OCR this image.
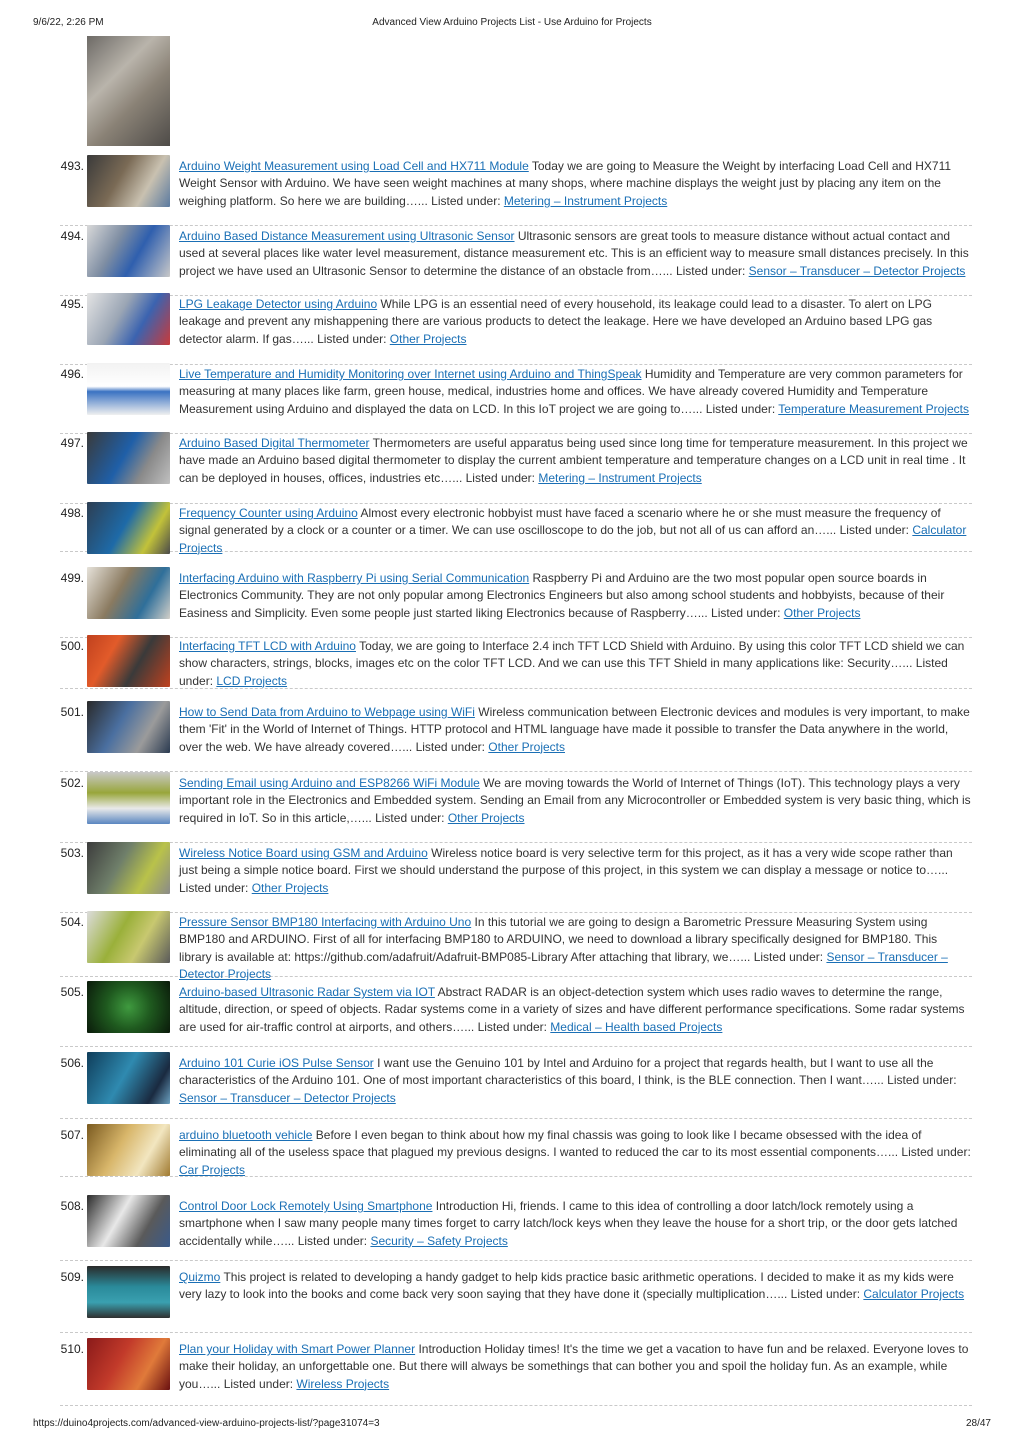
9/6/22, 2:26 PM	Advanced View Arduino Projects List - Use Arduino for Projects
493.	Arduino Weight Measurement using Load Cell and HX711 Module Today we are going to Measure the Weight by interfacing Load Cell and HX711 Weight Sensor with Arduino. We have seen weight machines at many shops, where machine displays the weight just by placing any item on the weighing platform. So here we are building…... Listed under: Metering – Instrument Projects
494.	Arduino Based Distance Measurement using Ultrasonic Sensor Ultrasonic sensors are great tools to measure distance without actual contact and used at several places like water level measurement, distance measurement etc. This is an efficient way to measure small distances precisely. In this project we have used an Ultrasonic Sensor to determine the distance of an obstacle from…... Listed under: Sensor – Transducer – Detector Projects
495.	LPG Leakage Detector using Arduino While LPG is an essential need of every household, its leakage could lead to a disaster. To alert on LPG leakage and prevent any mishappening there are various products to detect the leakage. Here we have developed an Arduino based LPG gas detector alarm. If gas…... Listed under: Other Projects
496.	Live Temperature and Humidity Monitoring over Internet using Arduino and ThingSpeak Humidity and Temperature are very common parameters for measuring at many places like farm, green house, medical, industries home and offices. We have already covered Humidity and Temperature Measurement using Arduino and displayed the data on LCD. In this IoT project we are going to…... Listed under: Temperature Measurement Projects
497.	Arduino Based Digital Thermometer Thermometers are useful apparatus being used since long time for temperature measurement. In this project we have made an Arduino based digital thermometer to display the current ambient temperature and temperature changes on a LCD unit in real time . It can be deployed in houses, offices, industries etc…... Listed under: Metering – Instrument Projects
498.	Frequency Counter using Arduino Almost every electronic hobbyist must have faced a scenario where he or she must measure the frequency of signal generated by a clock or a counter or a timer. We can use oscilloscope to do the job, but not all of us can afford an…... Listed under: Calculator Projects
499.	Interfacing Arduino with Raspberry Pi using Serial Communication Raspberry Pi and Arduino are the two most popular open source boards in Electronics Community. They are not only popular among Electronics Engineers but also among school students and hobbyists, because of their Easiness and Simplicity. Even some people just started liking Electronics because of Raspberry…... Listed under: Other Projects
500.	Interfacing TFT LCD with Arduino Today, we are going to Interface 2.4 inch TFT LCD Shield with Arduino. By using this color TFT LCD shield we can show characters, strings, blocks, images etc on the color TFT LCD. And we can use this TFT Shield in many applications like: Security…... Listed under: LCD Projects
501.	How to Send Data from Arduino to Webpage using WiFi Wireless communication between Electronic devices and modules is very important, to make them 'Fit' in the World of Internet of Things. HTTP protocol and HTML language have made it possible to transfer the Data anywhere in the world, over the web. We have already covered…... Listed under: Other Projects
502.	Sending Email using Arduino and ESP8266 WiFi Module We are moving towards the World of Internet of Things (IoT). This technology plays a very important role in the Electronics and Embedded system. Sending an Email from any Microcontroller or Embedded system is very basic thing, which is required in IoT. So in this article,…... Listed under: Other Projects
503.	Wireless Notice Board using GSM and Arduino Wireless notice board is very selective term for this project, as it has a very wide scope rather than just being a simple notice board. First we should understand the purpose of this project, in this system we can display a message or notice to…... Listed under: Other Projects
504.	Pressure Sensor BMP180 Interfacing with Arduino Uno In this tutorial we are going to design a Barometric Pressure Measuring System using BMP180 and ARDUINO. First of all for interfacing BMP180 to ARDUINO, we need to download a library specifically designed for BMP180. This library is available at: https://github.com/adafruit/Adafruit-BMP085-Library After attaching that library, we…... Listed under: Sensor – Transducer – Detector Projects
505.	Arduino-based Ultrasonic Radar System via IOT Abstract RADAR is an object-detection system which uses radio waves to determine the range, altitude, direction, or speed of objects. Radar systems come in a variety of sizes and have different performance specifications. Some radar systems are used for air-traffic control at airports, and others…... Listed under: Medical – Health based Projects
506.	Arduino 101 Curie iOS Pulse Sensor I want use the Genuino 101 by Intel and Arduino for a project that regards health, but I want to use all the characteristics of the Arduino 101. One of most important characteristics of this board, I think, is the BLE connection. Then I want…... Listed under: Sensor – Transducer – Detector Projects
507.	arduino bluetooth vehicle Before I even began to think about how my final chassis was going to look like I became obsessed with the idea of eliminating all of the useless space that plagued my previous designs. I wanted to reduced the car to its most essential components…... Listed under: Car Projects
508.	Control Door Lock Remotely Using Smartphone Introduction Hi, friends. I came to this idea of controlling a door latch/lock remotely using a smartphone when I saw many people many times forget to carry latch/lock keys when they leave the house for a short trip, or the door gets latched accidentally while…... Listed under: Security – Safety Projects
509.	Quizmo This project is related to developing a handy gadget to help kids practice basic arithmetic operations. I decided to make it as my kids were very lazy to look into the books and come back very soon saying that they have done it (specially multiplication…... Listed under: Calculator Projects
510.	Plan your Holiday with Smart Power Planner Introduction Holiday times! It's the time we get a vacation to have fun and be relaxed. Everyone loves to make their holiday, an unforgettable one. But there will always be somethings that can bother you and spoil the holiday fun. As an example, while you…... Listed under: Wireless Projects
https://duino4projects.com/advanced-view-arduino-projects-list/?page31074=3	28/47
